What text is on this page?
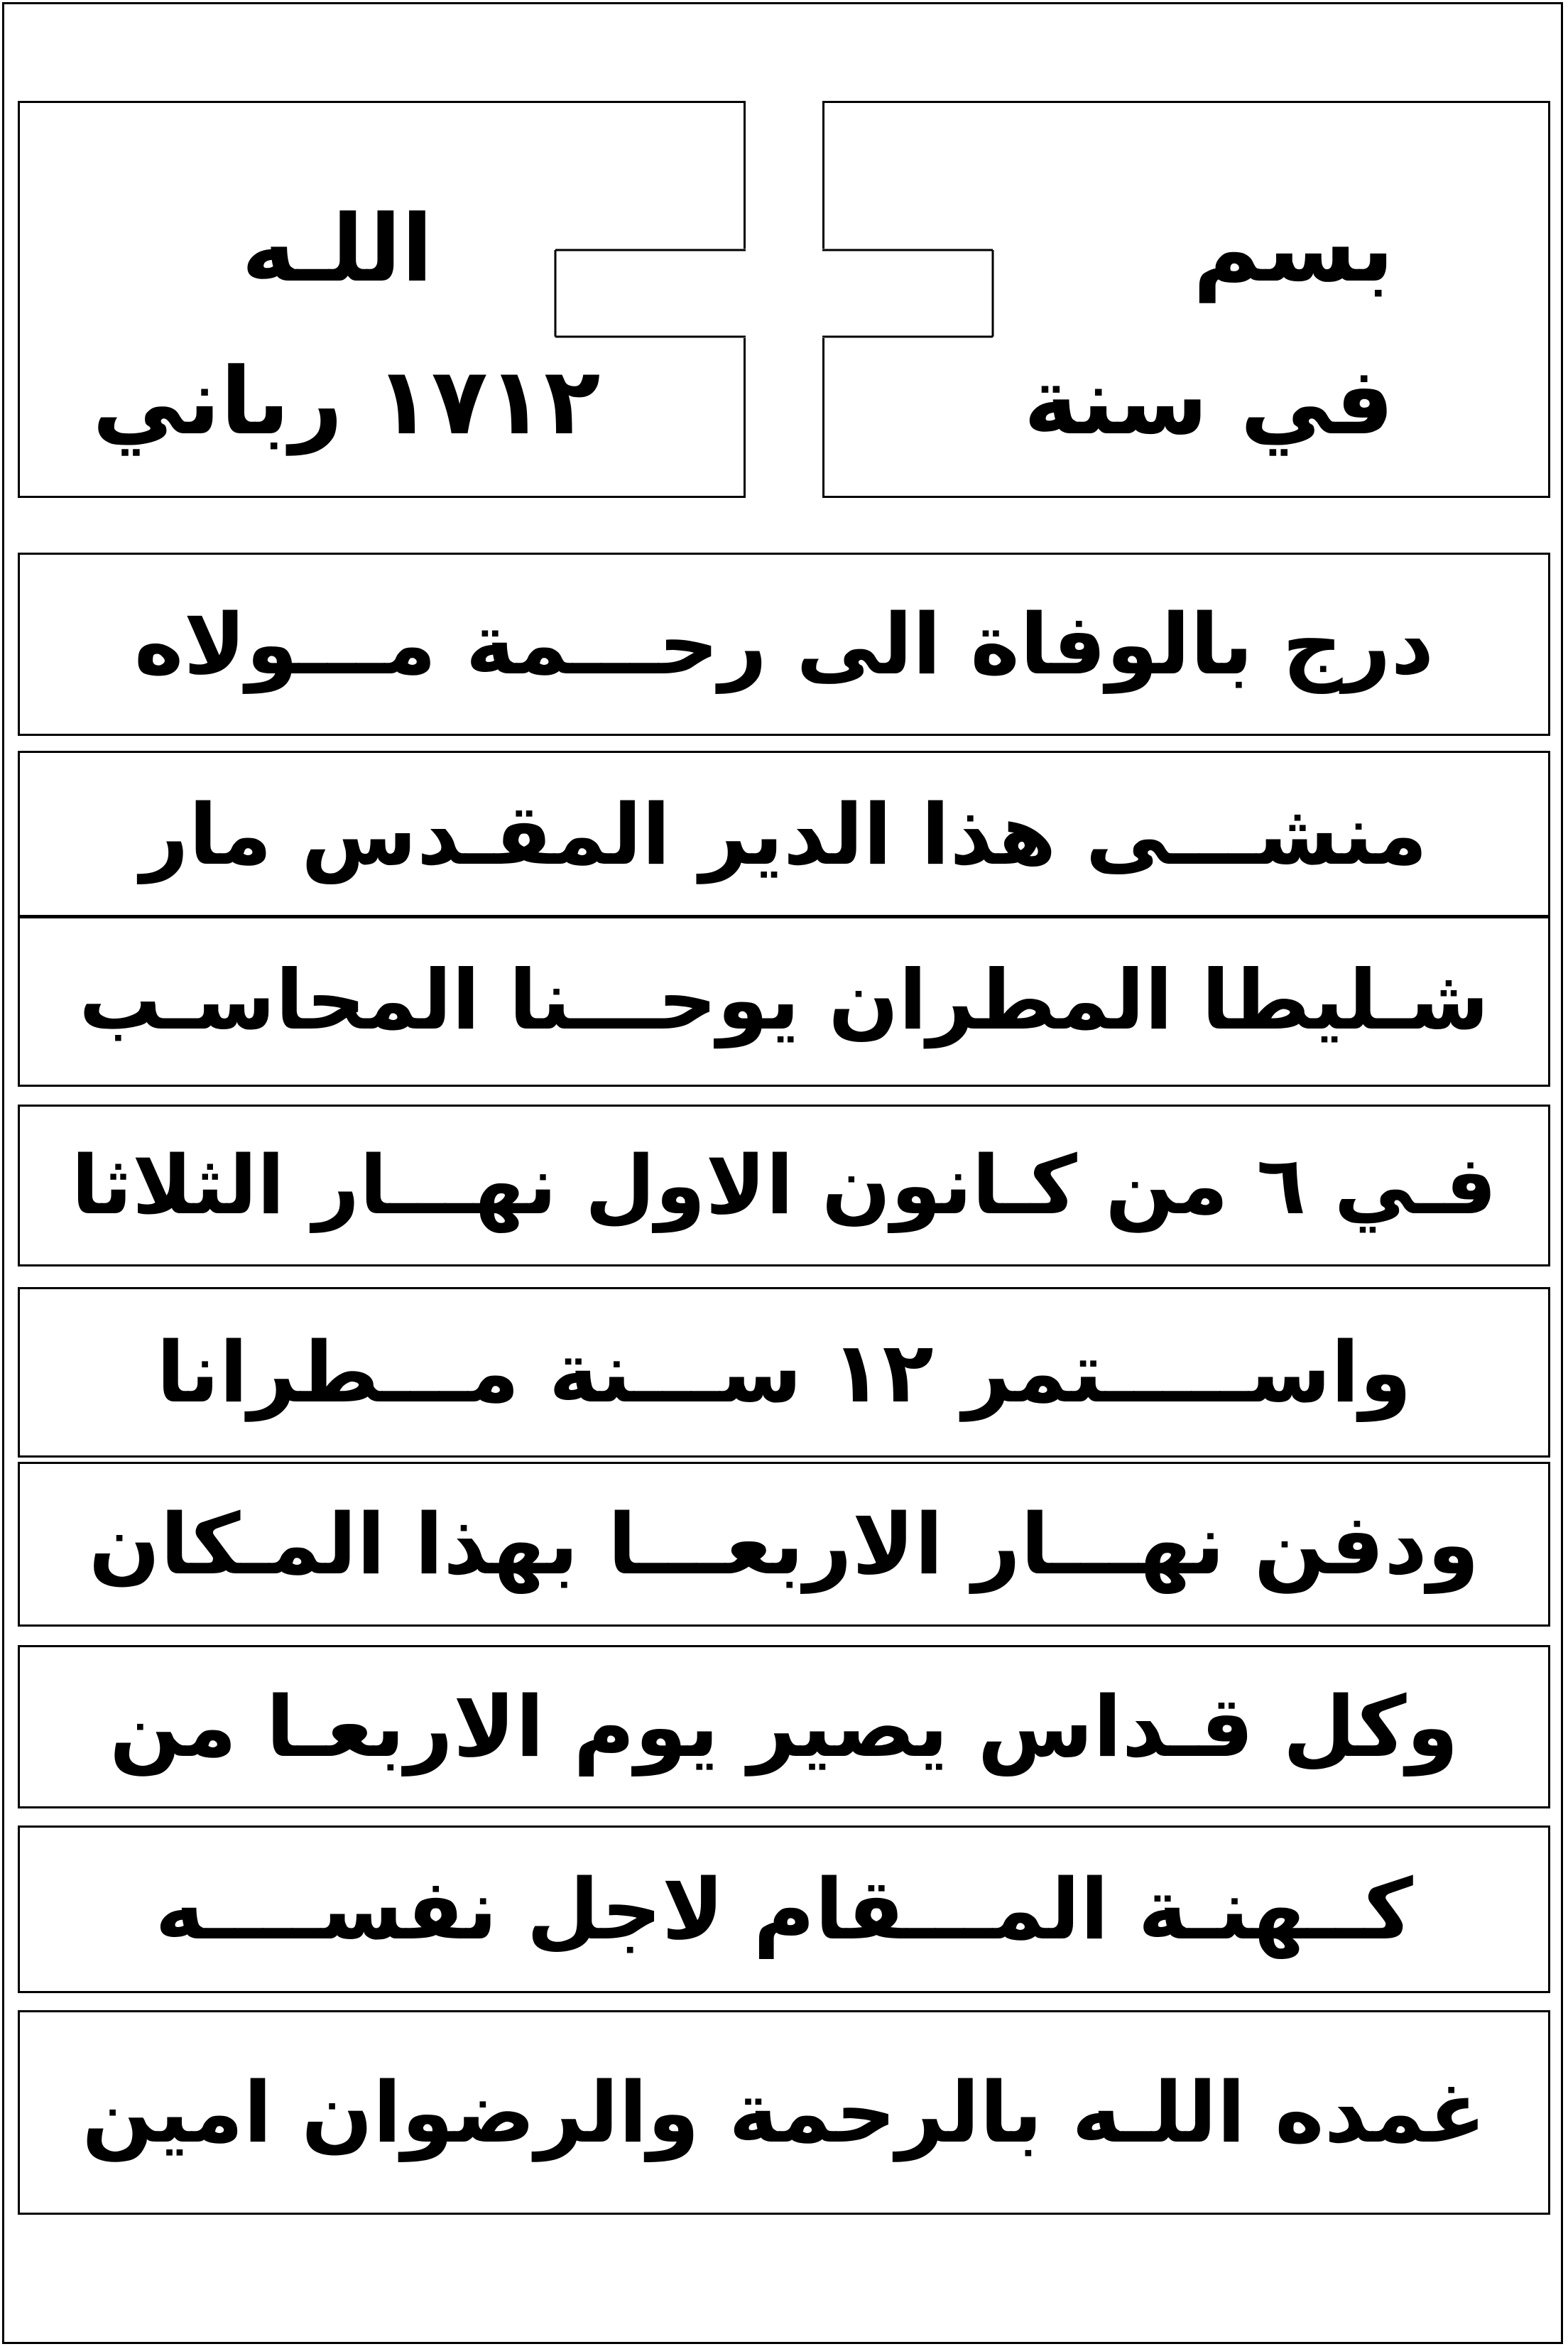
بسم
في سنة
اللـه
١٧١٢ رباني
درج بالوفاة الى رحـــمة مـــولاه
منشـــى هذا الدير المقـدس مار
شـليطا المطران يوحـــنا المحاسـب
فـي ٦ من كـانون الاول نهـــار الثلاثا
واســـــتمر ١٢ ســـنة مـــطرانا
ودفن نهـــار الاربعـــا بهذا المـكان
وكل قـداس يصير يوم الاربعـا من
كــهنـة المـــقام لاجل نفســــه
غمده اللـه بالرحمة والرضوان امين
